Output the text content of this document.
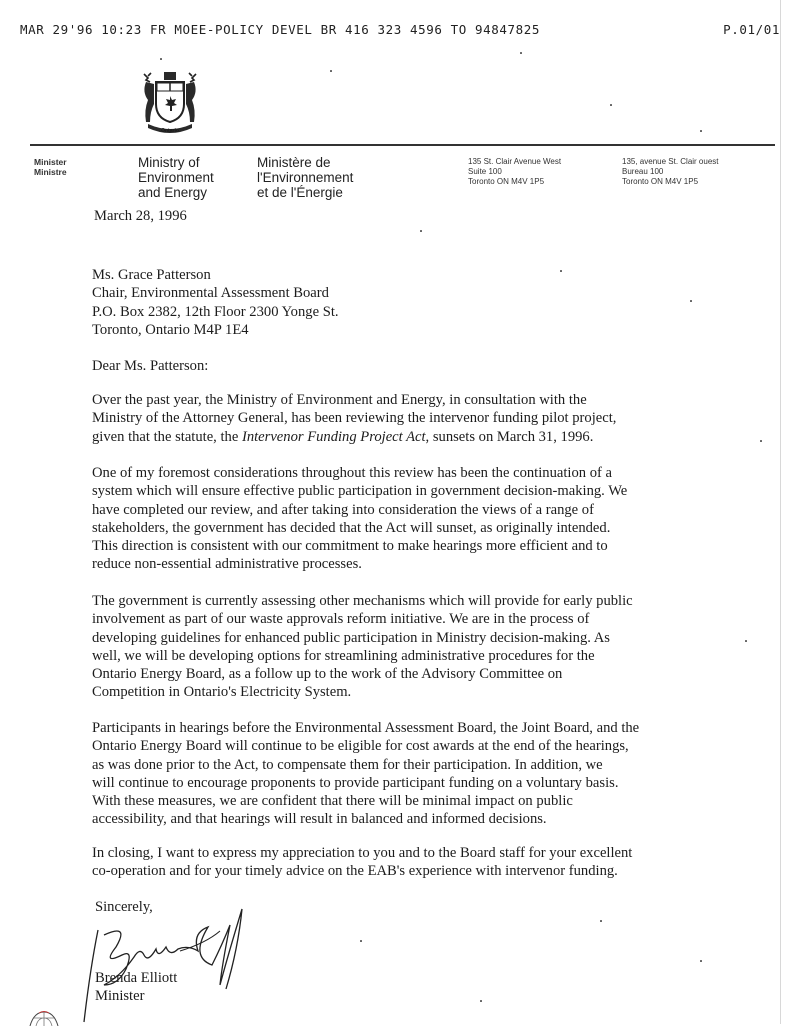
MAR 29'96 10:23 FR MOEE-POLICY DEVEL BR 416 323 4596 TO 94847825	P.01/01
Ontario
Minister
Ministre
Ministry of
Environment
and Energy
Ministère de
l'Environnement
et de l'Énergie
135 St. Clair Avenue West
Suite 100
Toronto ON M4V 1P5
135, avenue St. Clair ouest
Bureau 100
Toronto ON M4V 1P5
March 28, 1996
Ms. Grace Patterson
Chair, Environmental Assessment Board
P.O. Box 2382, 12th Floor 2300 Yonge St.
Toronto, Ontario M4P 1E4
Dear Ms. Patterson:
Over the past year, the Ministry of Environment and Energy, in consultation with the
Ministry of the Attorney General, has been reviewing the intervenor funding pilot project,
given that the statute, the Intervenor Funding Project Act, sunsets on March 31, 1996.
One of my foremost considerations throughout this review has been the continuation of a
system which will ensure effective public participation in government decision-making. We
have completed our review, and after taking into consideration the views of a range of
stakeholders, the government has decided that the Act will sunset, as originally intended.
This direction is consistent with our commitment to make hearings more efficient and to
reduce non-essential administrative processes.
The government is currently assessing other mechanisms which will provide for early public
involvement as part of our waste approvals reform initiative. We are in the process of
developing guidelines for enhanced public participation in Ministry decision-making. As
well, we will be developing options for streamlining administrative procedures for the
Ontario Energy Board, as a follow up to the work of the Advisory Committee on
Competition in Ontario's Electricity System.
Participants in hearings before the Environmental Assessment Board, the Joint Board, and the
Ontario Energy Board will continue to be eligible for cost awards at the end of the hearings,
as was done prior to the Act, to compensate them for their participation. In addition, we
will continue to encourage proponents to provide participant funding on a voluntary basis.
With these measures, we are confident that there will be minimal impact on public
accessibility, and that hearings will result in balanced and informed decisions.
In closing, I want to express my appreciation to you and to the Board staff for your excellent
co-operation and for your timely advice on the EAB's experience with intervenor funding.
Sincerely,
Brenda Elliott
Minister
